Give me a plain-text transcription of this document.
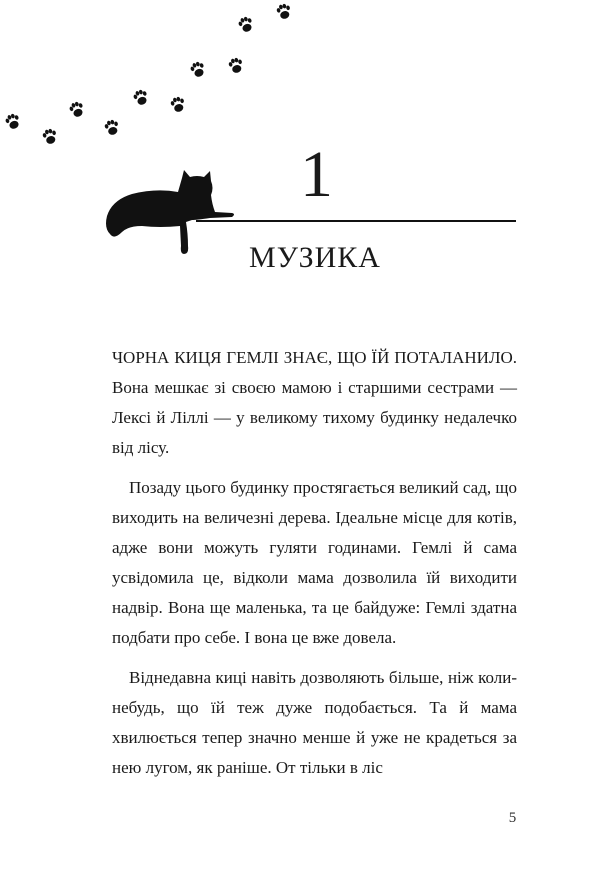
1
МУЗИКА

ЧОРНА КИЦЯ ГЕМЛІ ЗНАЄ, ЩО ЇЙ ПОТАЛАНИЛО. Вона мешкає зі своєю мамою і старшими сестрами — Лексі й Ліллі — у великому тихому будинку недалечко від лісу.

Позаду цього будинку простягається великий сад, що виходить на величезні дерева. Ідеальне місце для котів, адже вони можуть гуляти годинами. Гемлі й сама усвідомила це, відколи мама дозволила їй виходити надвір. Вона ще маленька, та це байдуже: Гемлі здатна подбати про себе. І вона це вже довела.

Віднедавна киці навіть дозволяють більше, ніж коли-небудь, що їй теж дуже подобається. Та й мама хвилюється тепер значно менше й уже не крадеться за нею лугом, як раніше. От тільки в ліс

5
